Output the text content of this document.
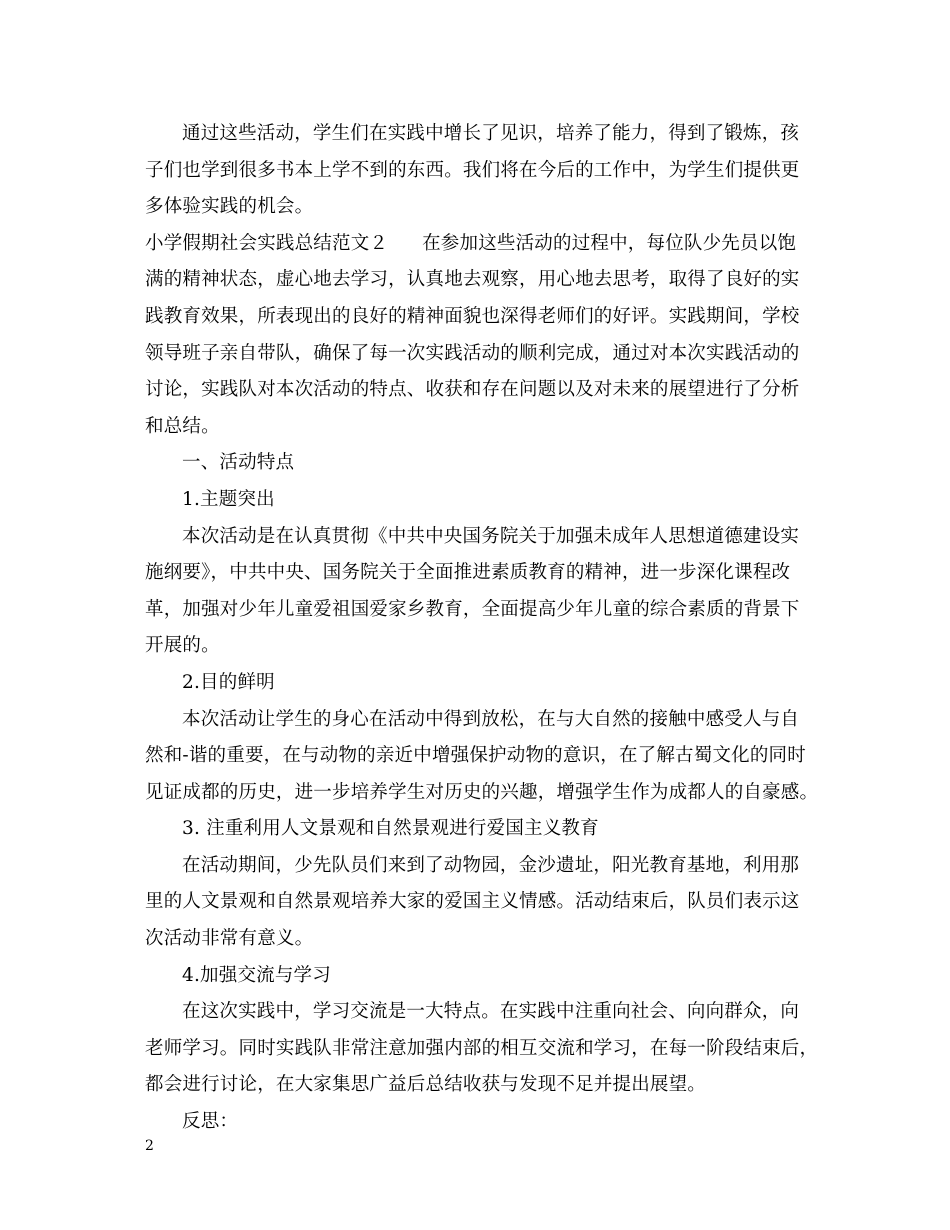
通过这些活动，学生们在实践中增长了见识，培养了能力，得到了锻炼，孩
子们也学到很多书本上学不到的东西。我们将在今后的工作中，为学生们提供更
多体验实践的机会。
小学假期社会实践总结范文２ 在参加这些活动的过程中，每位队少先员以饱
满的精神状态，虚心地去学习，认真地去观察，用心地去思考，取得了良好的实
践教育效果，所表现出的良好的精神面貌也深得老师们的好评。实践期间，学校
领导班子亲自带队，确保了每一次实践活动的顺利完成，通过对本次实践活动的
讨论，实践队对本次活动的特点、收获和存在问题以及对未来的展望进行了分析
和总结。
一、活动特点
1.主题突出
本次活动是在认真贯彻《中共中央国务院关于加强未成年人思想道德建设实
施纲要》，中共中央、国务院关于全面推进素质教育的精神，进一步深化课程改
革，加强对少年儿童爱祖国爱家乡教育，全面提高少年儿童的综合素质的背景下
开展的。
2.目的鲜明
本次活动让学生的身心在活动中得到放松，在与大自然的接触中感受人与自
然和-谐的重要，在与动物的亲近中增强保护动物的意识，在了解古蜀文化的同时
见证成都的历史，进一步培养学生对历史的兴趣，增强学生作为成都人的自豪感。
3. 注重利用人文景观和自然景观进行爱国主义教育
在活动期间，少先队员们来到了动物园，金沙遗址，阳光教育基地，利用那
里的人文景观和自然景观培养大家的爱国主义情感。活动结束后，队员们表示这
次活动非常有意义。
4.加强交流与学习
在这次实践中，学习交流是一大特点。在实践中注重向社会、向向群众，向
老师学习。同时实践队非常注意加强内部的相互交流和学习，在每一阶段结束后，
都会进行讨论，在大家集思广益后总结收获与发现不足并提出展望。
反思：
2
